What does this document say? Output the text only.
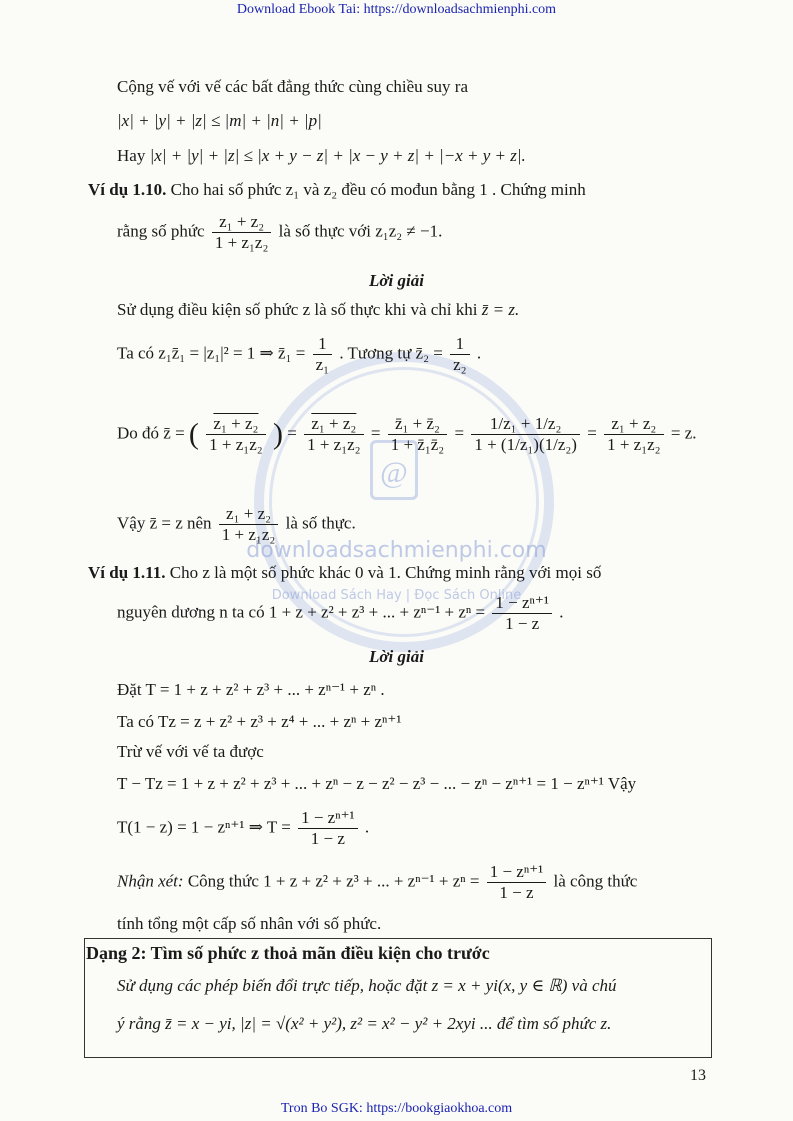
Download Ebook Tai: https://downloadsachmienphi.com
Tron Bo SGK: https://bookgiaokhoa.com
@
downloadsachmienphi.com
Download Sách Hay | Đọc Sách Online
Cộng vế với vế các bất đẳng thức cùng chiều suy ra
|x| + |y| + |z| ≤ |m| + |n| + |p|
Hay |x| + |y| + |z| ≤ |x + y − z| + |x − y + z| + |−x + y + z|.
Ví dụ 1.10. Cho hai số phức z₁ và z₂ đều có mođun bằng 1 . Chứng minh
rằng số phức $\frac{\text{z₁ + z₂}}{\text{1 + z₁z₂}}$ là số thực với z₁z₂ ≠ −1.
Lời giải
Sử dụng điều kiện số phức z là số thực khi và chỉ khi z̄ = z.
Ta có z₁z̄₁ = |z₁|² = 1 ⇒ z̄₁ = $\frac{1}{\text{z₁}}$ . Tương tự z̄₂ = $\frac{1}{\text{z₂}}$ .
Do đó z̄ = ( $\frac{\text{z₁ + z₂}}{\text{1 + z₁z₂}}$ ) = $\frac{\text{z₁ + z₂}}{\text{1 + z₁z₂}} = \frac{\text{z̄₁ + z̄₂}}{\text{1 + z̄₁z̄₂}} = \frac{\text{1/z₁ + 1/z₂}}{\text{1 + (1/z₁)(1/z₂)}} = \frac{\text{z₁ + z₂}}{\text{1 + z₁z₂}} = z$.
Vậy z̄ = z nên $\frac{\text{z₁ + z₂}}{\text{1 + z₁z₂}}$ là số thực.
Ví dụ 1.11. Cho z là một số phức khác 0 và 1. Chứng minh rằng với mọi số
nguyên dương n ta có 1 + z + z² + z³ + ... + $z^{n-1} + z^n = \frac{\text{1 − zⁿ⁺¹}}{1 - z}$ .
Lời giải
Đặt T = 1 + z + z² + z³ + ... + zⁿ⁻¹ + zⁿ .
Ta có Tz = z + z² + z³ + z⁴ + ... + zⁿ + zⁿ⁺¹
Trừ vế với vế ta được
T − Tz = 1 + z + z² + z³ + ... + zⁿ − z − z² − z³ − ... − zⁿ − zⁿ⁺¹ = 1 − zⁿ⁺¹ Vậy
T(1 − z) = 1 − zⁿ⁺¹ ⇒ $T = \frac{\text{1 − zⁿ⁺¹}}{1 - z}$ .
Nhận xét: Công thức 1 + z + z² + z³ + ... + $z^{n-1} + z^n = \frac{\text{1 − zⁿ⁺¹}}{1 - z}$ là công thức
tính tổng một cấp số nhân với số phức.
Dạng 2: Tìm số phức z thoả mãn điều kiện cho trước
Sử dụng các phép biến đổi trực tiếp, hoặc đặt z = x + yi(x, y ∈ ℝ) và chú
ý rằng z̄ = x − yi, |z| = √(x² + y²), z² = x² − y² + 2xyi ... để tìm số phức z.
13
